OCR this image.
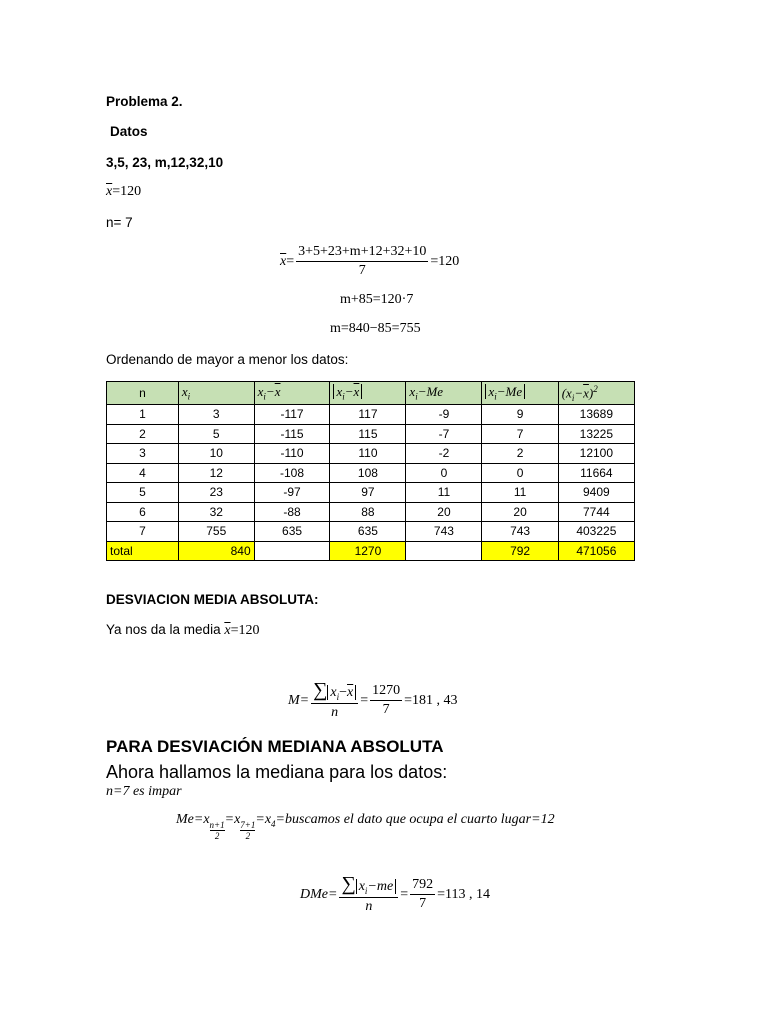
Problema 2.
Datos
3,5, 23, m,12,32,10
$\overline{x}=120$
n= 7
$\overline{x} = \frac{3+5+23+m+12+32+10}{7} =120$
m+85=120·7
m=840−85=755
Ordenando de mayor a menor los datos:
n	$x_i$	$x_i-\overline{x}$	$x_i-\overline{x}$	$x_i-Me$	$x_i-Me$	$(x_i-\overline{x})^2$
1	3	-117	117	-9	9	13689
2	5	-115	115	-7	7	13225
3	10	-110	110	-2	2	12100
4	12	-108	108	0	0	11664
5	23	-97	97	11	11	9409
6	32	-88	88	20	20	7744
7	755	635	635	743	743	403225
total	840		1270		792	471056
DESVIACION MEDIA ABSOLUTA:
Ya nos da la media
$\overline{x}=120$
$M= \frac{\sum x_i-\overline{x}}{n} = \frac{1270}{7} =181$ , 43
PARA DESVIACIÓN MEDIANA ABSOLUTA
Ahora hallamos la mediana para los datos:
n=7 es impar
Me= x
$\frac{n+1}{2}$
=x
$\frac{7+1}{2}$
$=x_4$ =buscamos el dato que ocupa el cuarto lugar=12
$DMe= \frac{\sum x_i-me}{n} = \frac{792}{7} =113$ , 14
